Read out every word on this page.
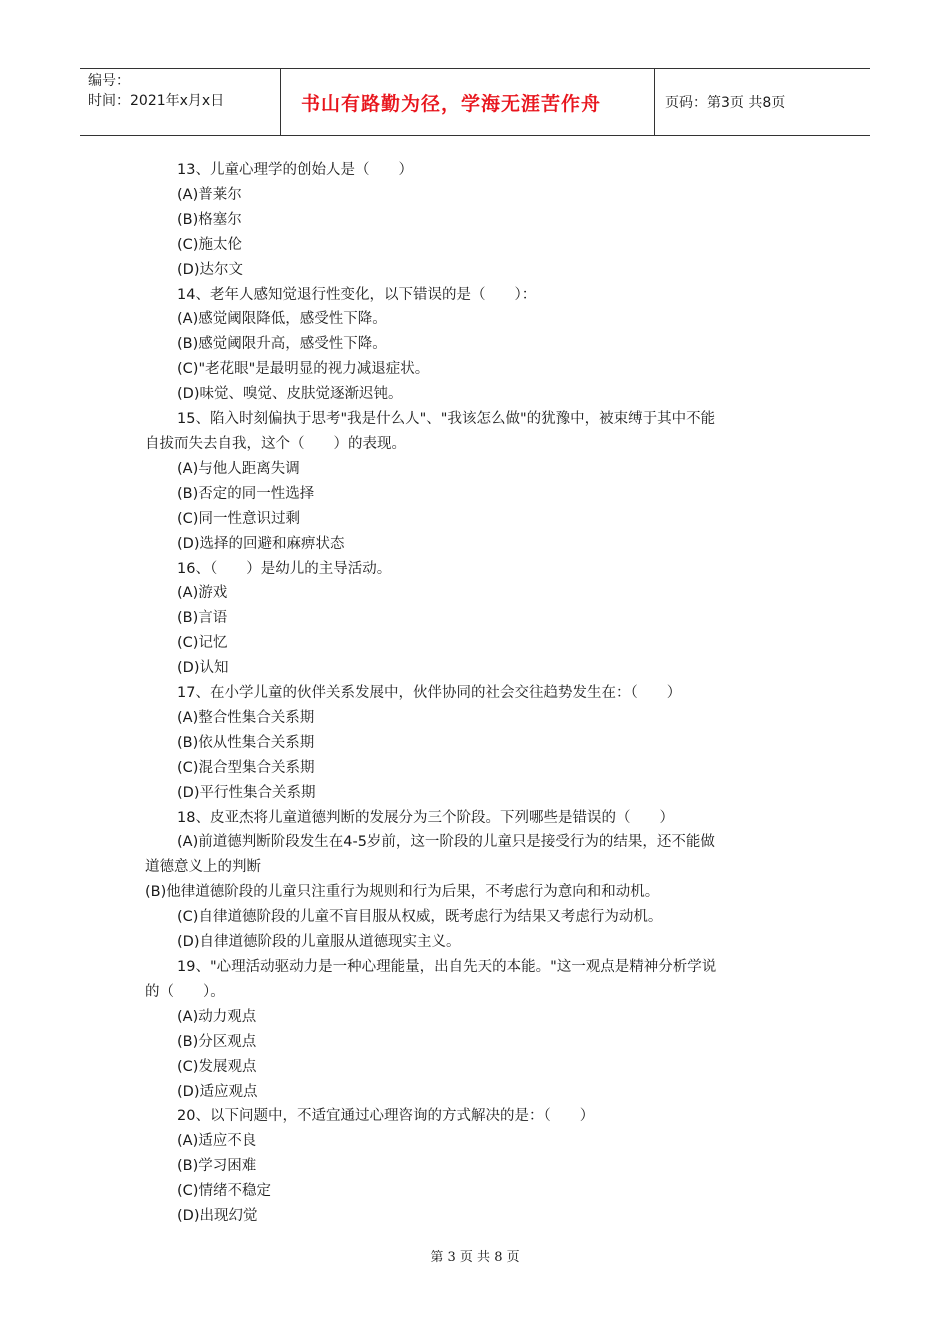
编号：
时间：2021年x月x日	书山有路勤为径，学海无涯苦作舟	页码：第3页 共8页
13、儿童心理学的创始人是（　　）
(A)普莱尔
(B)格塞尔
(C)施太伦
(D)达尔文
14、老年人感知觉退行性变化，以下错误的是（　　）：
(A)感觉阈限降低，感受性下降。
(B)感觉阈限升高，感受性下降。
(C)"老花眼"是最明显的视力减退症状。
(D)味觉、嗅觉、皮肤觉逐渐迟钝。
15、陷入时刻偏执于思考"我是什么人"、"我该怎么做"的犹豫中，被束缚于其中不能
自拔而失去自我，这个（　　）的表现。
(A)与他人距离失调
(B)否定的同一性选择
(C)同一性意识过剩
(D)选择的回避和麻痹状态
16、（　　）是幼儿的主导活动。
(A)游戏
(B)言语
(C)记忆
(D)认知
17、在小学儿童的伙伴关系发展中，伙伴协同的社会交往趋势发生在：（　　）
(A)整合性集合关系期
(B)依从性集合关系期
(C)混合型集合关系期
(D)平行性集合关系期
18、皮亚杰将儿童道德判断的发展分为三个阶段。下列哪些是错误的（　　）
(A)前道德判断阶段发生在4-5岁前，这一阶段的儿童只是接受行为的结果，还不能做
道德意义上的判断
(B)他律道德阶段的儿童只注重行为规则和行为后果，不考虑行为意向和和动机。
(C)自律道德阶段的儿童不盲目服从权威，既考虑行为结果又考虑行为动机。
(D)自律道德阶段的儿童服从道德现实主义。
19、"心理活动驱动力是一种心理能量，出自先天的本能。"这一观点是精神分析学说
的（　　）。
(A)动力观点
(B)分区观点
(C)发展观点
(D)适应观点
20、以下问题中，不适宜通过心理咨询的方式解决的是：（　　）
(A)适应不良
(B)学习困难
(C)情绪不稳定
(D)出现幻觉
第 3 页 共 8 页
